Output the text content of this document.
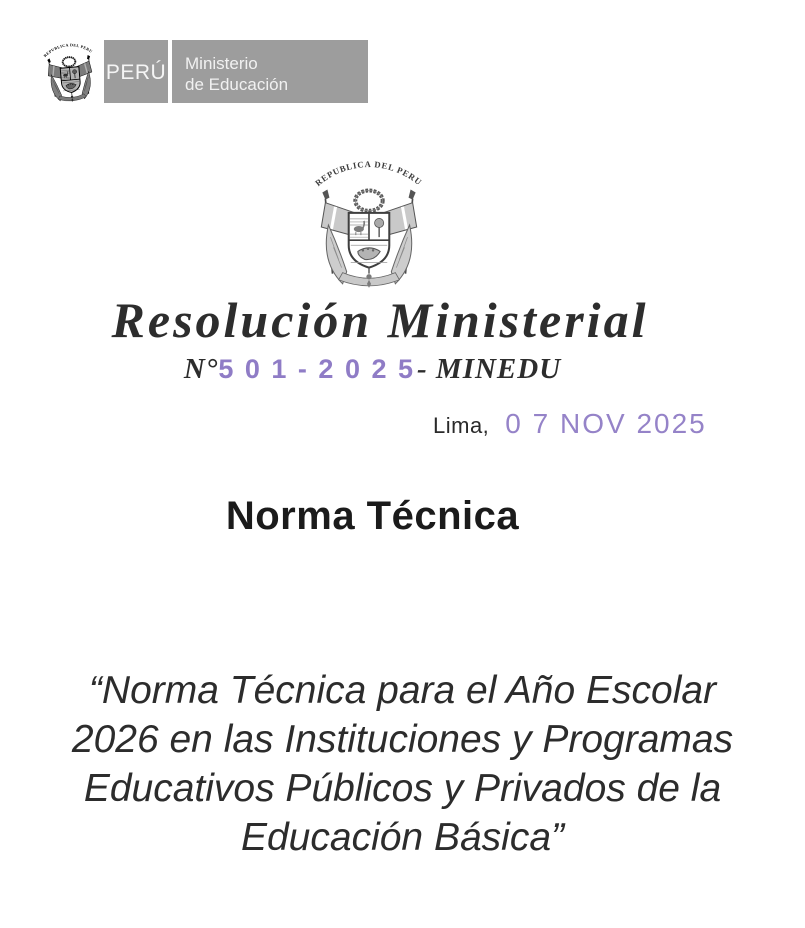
PERÚ Ministerio
de Educación
Resolución Ministerial
N°5 0 1 - 2 0 2 5- MINEDU
Lima, 0 7 NOV 2025
Norma Técnica
“Norma Técnica para el Año Escolar
2026 en las Instituciones y Programas
Educativos Públicos y Privados de la
Educación Básica”
